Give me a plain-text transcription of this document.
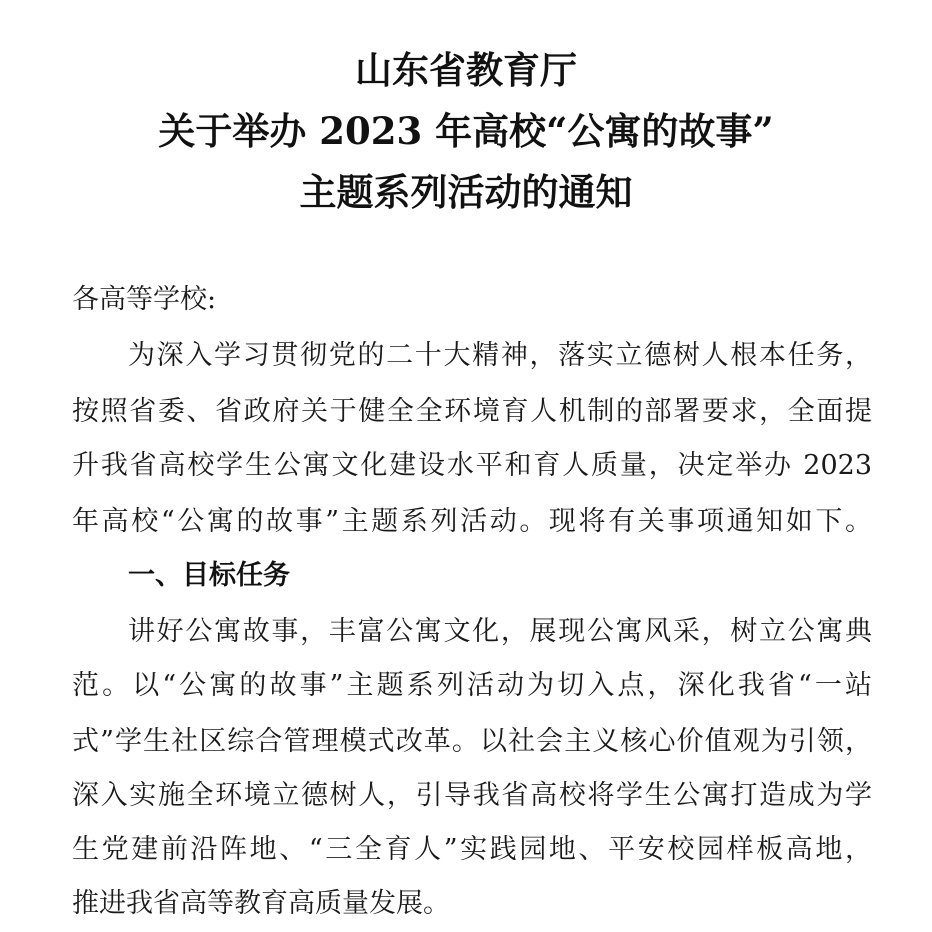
山东省教育厅
关于举办 2023 年高校“公寓的故事”
主题系列活动的通知
各高等学校:
为深入学习贯彻党的二十大精神，落实立德树人根本任务，
按照省委、省政府关于健全全环境育人机制的部署要求，全面提
升我省高校学生公寓文化建设水平和育人质量，决定举办 2023
年高校“公寓的故事”主题系列活动。现将有关事项通知如下。
一、目标任务
讲好公寓故事，丰富公寓文化，展现公寓风采，树立公寓典
范。以“公寓的故事”主题系列活动为切入点，深化我省“一站
式”学生社区综合管理模式改革。以社会主义核心价值观为引领，
深入实施全环境立德树人，引导我省高校将学生公寓打造成为学
生党建前沿阵地、“三全育人”实践园地、平安校园样板高地，
推进我省高等教育高质量发展。
